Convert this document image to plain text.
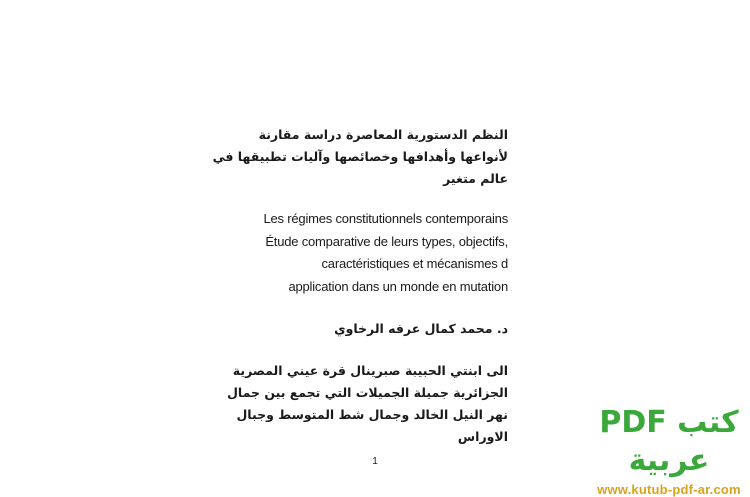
النظم الدستورية المعاصرة دراسة مقارنة
لأنواعها وأهدافها وخصائصها وآليات تطبيقها في
عالم متغير
Les régimes constitutionnels contemporains
Étude comparative de leurs types, objectifs,
caractéristiques et mécanismes d
application dans un monde en mutation
د. محمد كمال عرفه الرخاوي
الى ابنتي الحبيبة صبرينال قرة عيني المصرية
الجزائرية جميلة الجميلات التي تجمع بين جمال
نهر النيل الخالد وجمال شط المتوسط وجبال
الاوراس
1
كتب PDF عربية
www.kutub-pdf-ar.com
